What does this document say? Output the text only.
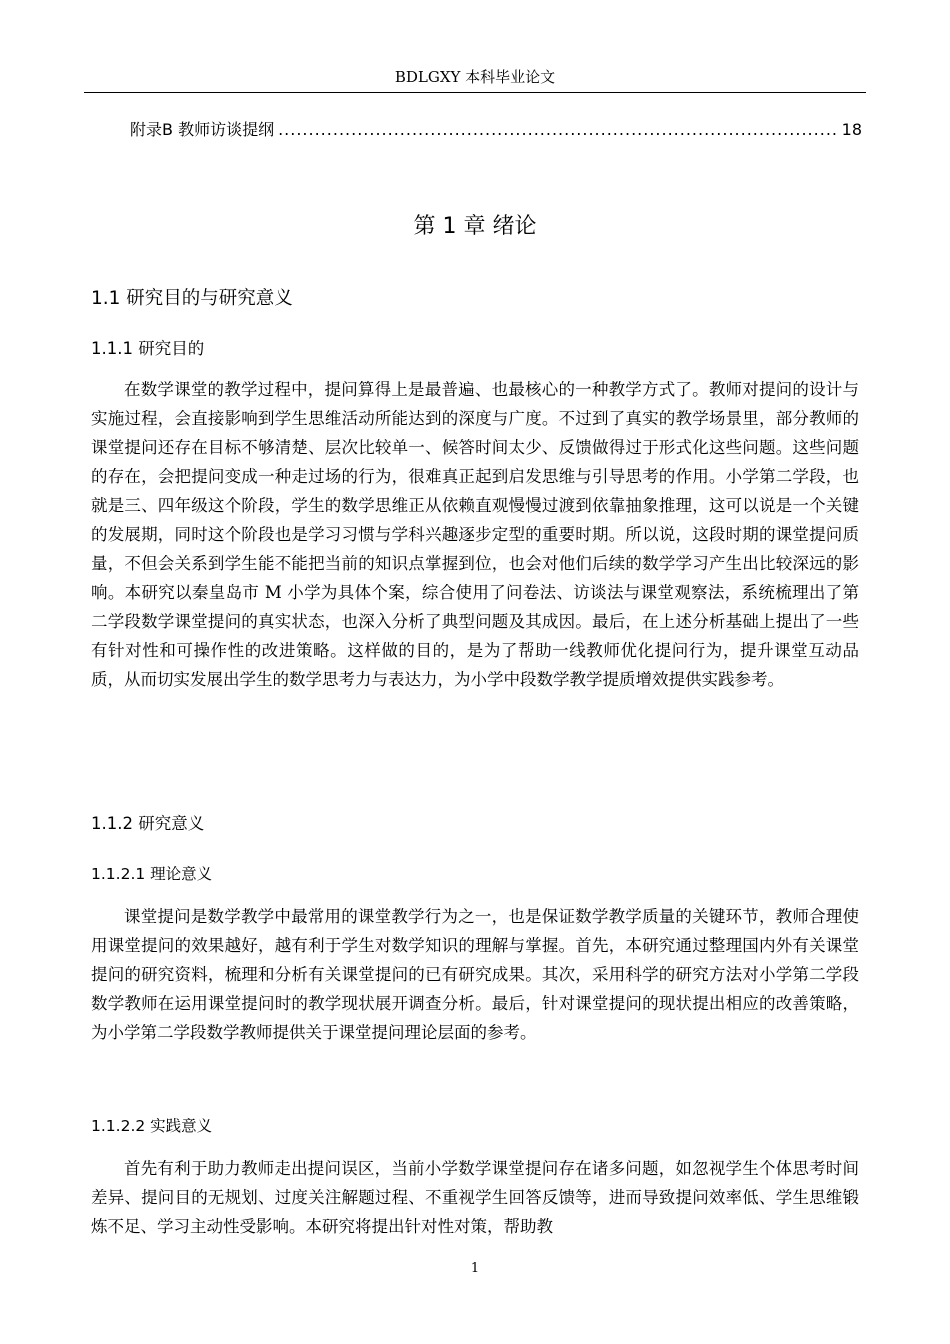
BDLGXY 本科毕业论文
附录B 教师访谈提纲
.....	18
第 1 章 绪论
1.1 研究目的与研究意义
1.1.1 研究目的

在数学课堂的教学过程中，提问算得上是最普遍、也最核心的一种教学方式了。教师对提问的设计与实施过程，会直接影响到学生思维活动所能达到的深度与广度。不过到了真实的教学场景里，部分教师的课堂提问还存在目标不够清楚、层次比较单一、候答时间太少、反馈做得过于形式化这些问题。这些问题的存在，会把提问变成一种走过场的行为，很难真正起到启发思维与引导思考的作用。小学第二学段，也就是三、四年级这个阶段，学生的数学思维正从依赖直观慢慢过渡到依靠抽象推理，这可以说是一个关键的发展期，同时这个阶段也是学习习惯与学科兴趣逐步定型的重要时期。所以说，这段时期的课堂提问质量，不但会关系到学生能不能把当前的知识点掌握到位，也会对他们后续的数学学习产生出比较深远的影响。本研究以秦皇岛市 M 小学为具体个案，综合使用了问卷法、访谈法与课堂观察法，系统梳理出了第二学段数学课堂提问的真实状态，也深入分析了典型问题及其成因。最后，在上述分析基础上提出了一些有针对性和可操作性的改进策略。这样做的目的，是为了帮助一线教师优化提问行为，提升课堂互动品质，从而切实发展出学生的数学思考力与表达力，为小学中段数学教学提质增效提供实践参考。

1.1.2 研究意义
1.1.2.1 理论意义

课堂提问是数学教学中最常用的课堂教学行为之一，也是保证数学教学质量的关键环节，教师合理使用课堂提问的效果越好，越有利于学生对数学知识的理解与掌握。首先，本研究通过整理国内外有关课堂提问的研究资料，梳理和分析有关课堂提问的已有研究成果。其次，采用科学的研究方法对小学第二学段数学教师在运用课堂提问时的教学现状展开调查分析。最后，针对课堂提问的现状提出相应的改善策略，为小学第二学段数学教师提供关于课堂提问理论层面的参考。

1.1.2.2 实践意义

首先有利于助力教师走出提问误区，当前小学数学课堂提问存在诸多问题，如忽视学生个体思考时间差异、提问目的无规划、过度关注解题过程、不重视学生回答反馈等，进而导致提问效率低、学生思维锻炼不足、学习主动性受影响。本研究将提出针对性对策，帮助教

1
